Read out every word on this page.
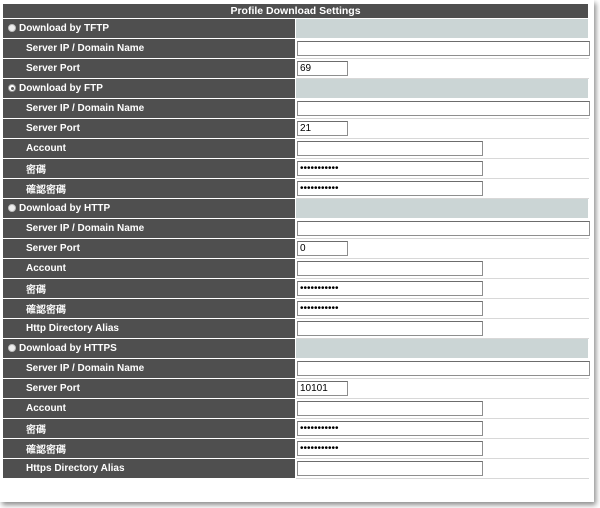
Profile Download Settings	
Download by TFTP	
Server IP / Domain Name	
Server Port	69
Download by FTP	
Server IP / Domain Name	
Server Port	21
Account	
密碼	•••••••••••
確認密碼	•••••••••••
Download by HTTP	
Server IP / Domain Name	
Server Port	0
Account	
密碼	•••••••••••
確認密碼	•••••••••••
Http Directory Alias	
Download by HTTPS	
Server IP / Domain Name	
Server Port	10101
Account	
密碼	•••••••••••
確認密碼	•••••••••••
Https Directory Alias	
